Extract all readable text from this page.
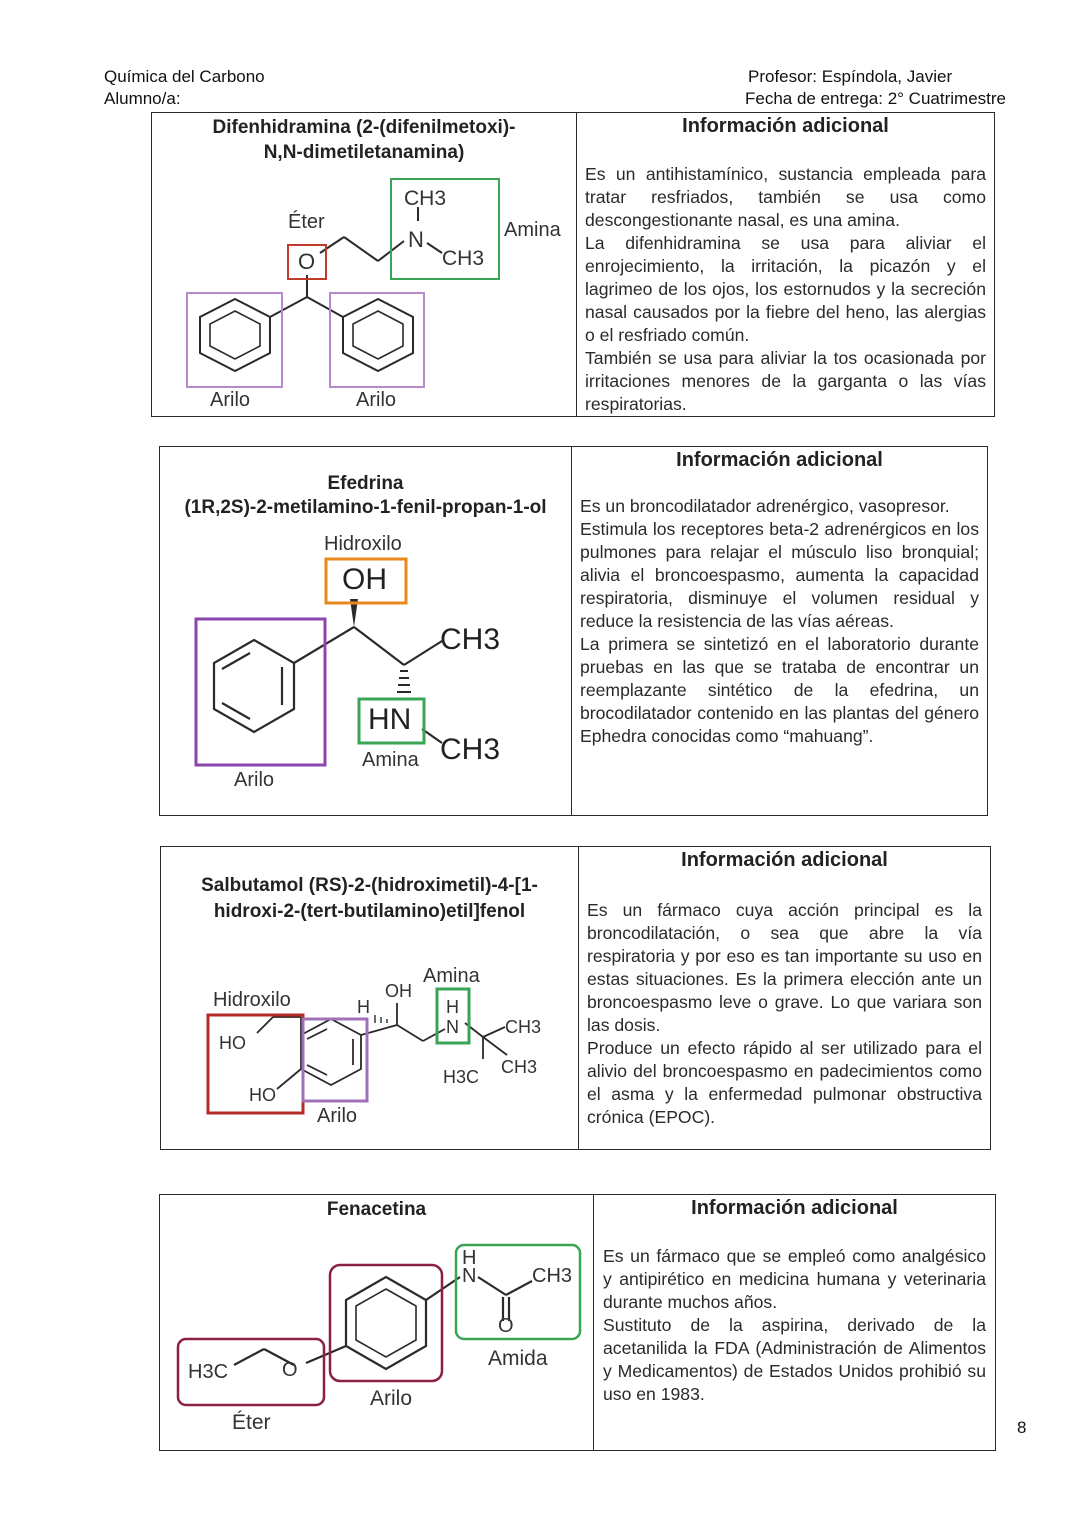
Química del Carbono
Alumno/a:
Profesor: Espíndola, Javier
Fecha de entrega: 2° Cuatrimestre
Difenhidramina (2-(difenilmetoxi)-
N,N-dimetiletanamina)
O
N
CH3
CH3
Éter	Amina
Arilo	Arilo
Información adicional

Es un antihistamínico, sustancia empleada para tratar resfriados, también se usa como descongestionante nasal, es una amina.

La difenhidramina se usa para aliviar el enrojecimiento, la irritación, la picazón y el lagrimeo de los ojos, los estornudos y la secreción nasal causados por la fiebre del heno, las alergias o el resfriado común.

También se usa para aliviar la tos ocasionada por irritaciones menores de la garganta o las vías respiratorias.

Efedrina
(1R,2S)-2-metilamino-1-fenil-propan-1-ol
Hidroxilo
OH
CH3
HN
CH3
Amina
Arilo
Información adicional

Es un broncodilatador adrenérgico, vasopresor.

Estimula los receptores beta-2 adrenérgicos en los pulmones para relajar el músculo liso bronquial; alivia el broncoespasmo, aumenta la capacidad respiratoria, disminuye el volumen residual y reduce la resistencia de las vías aéreas.

La primera se sintetizó en el laboratorio durante pruebas en las que se trataba de encontrar un reemplazante sintético de la efedrina, un brocodilatador contenido en las plantas del género Ephedra conocidas como “mahuang”.

Salbutamol (RS)-2-(hidroximetil)-4-[1-
hidroxi-2-(tert-butilamino)etil]fenol
Hidroxilo
Amina
HO
HO
H
OH
H
N	CH3
CH3
H3C
Arilo
Información adicional

Es un fármaco cuya acción principal es la broncodilatación, o sea que abre la vía respiratoria y por eso es tan importante su uso en estas situaciones. Es la primera elección ante un broncoespasmo leve o grave. Lo que variara son las dosis.

Produce un efecto rápido al ser utilizado para el alivio del broncoespasmo en padecimientos como el asma y la enfermedad pulmonar obstructiva crónica (EPOC).

Fenacetina
H3C	O
H
N	CH3
O
Amida
Arilo
Éter
Información adicional

Es un fármaco que se empleó como analgésico y antipirético en medicina humana y veterinaria durante muchos años.

Sustituto de la aspirina, derivado de la acetanilida la FDA (Administración de Alimentos y Medicamentos) de Estados Unidos prohibió su uso en 1983.

8
